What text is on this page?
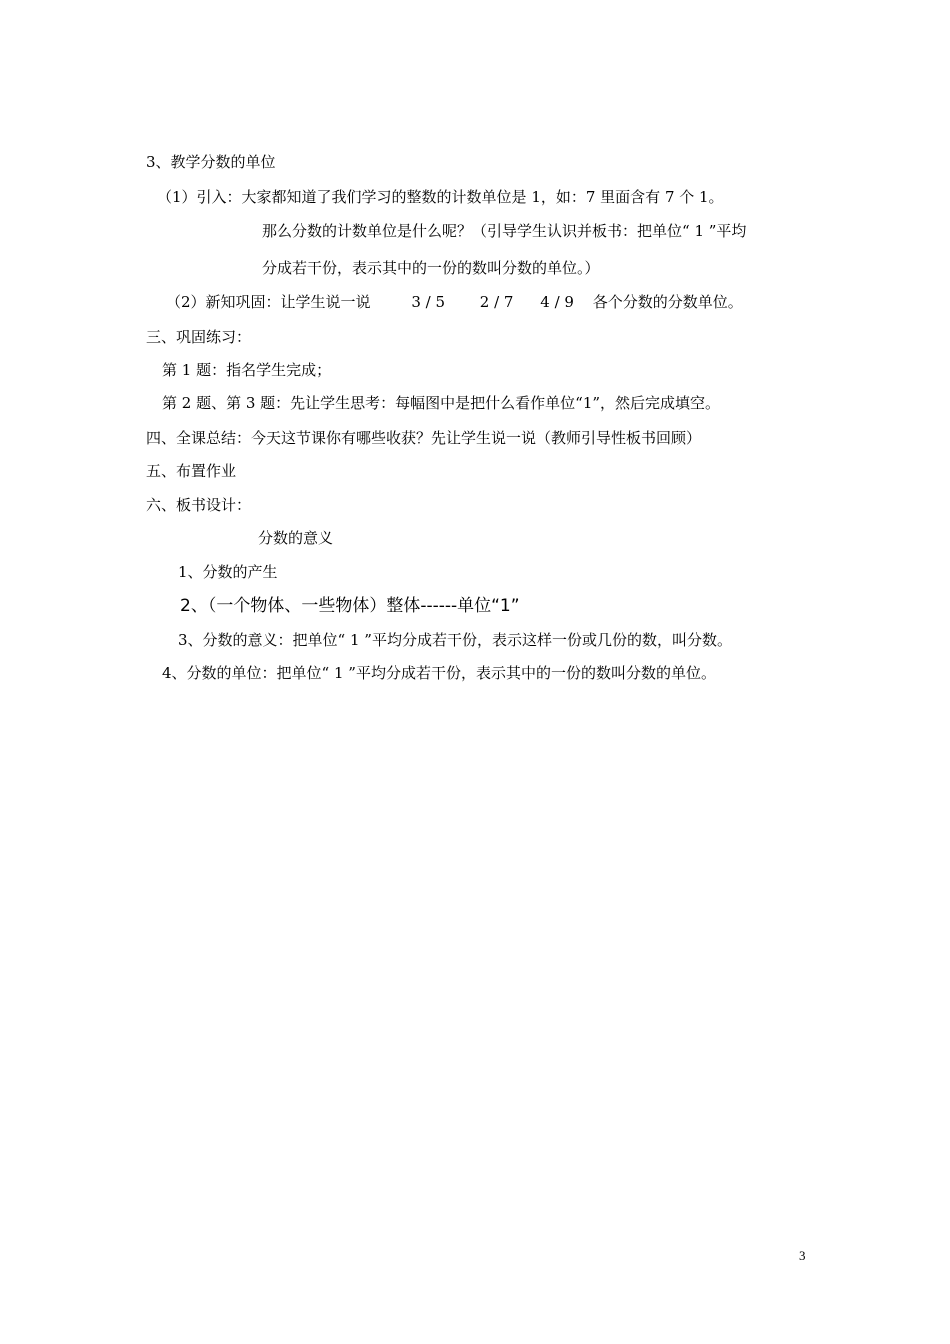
3、教学分数的单位
（1）引入：大家都知道了我们学习的整数的计数单位是 1，如：7 里面含有 7 个 1。
那么分数的计数单位是什么呢？（引导学生认识并板书：把单位“ 1 ”平均
分成若干份，表示其中的一份的数叫分数的单位。）
（2）新知巩固：让学生说一说	3 / 5 2 / 7 4 / 9 各个分数的分数单位。
三、巩固练习：
第 1 题：指名学生完成；
第 2 题、第 3 题：先让学生思考：每幅图中是把什么看作单位“1”，然后完成填空。
四、全课总结：今天这节课你有哪些收获？先让学生说一说（教师引导性板书回顾）
五、布置作业
六、板书设计：
分数的意义
1、分数的产生
2、（一个物体、一些物体）整体------单位“1”
3、分数的意义：把单位“ 1 ”平均分成若干份，表示这样一份或几份的数，叫分数。
4、分数的单位：把单位“ 1 ”平均分成若干份，表示其中的一份的数叫分数的单位。
3
